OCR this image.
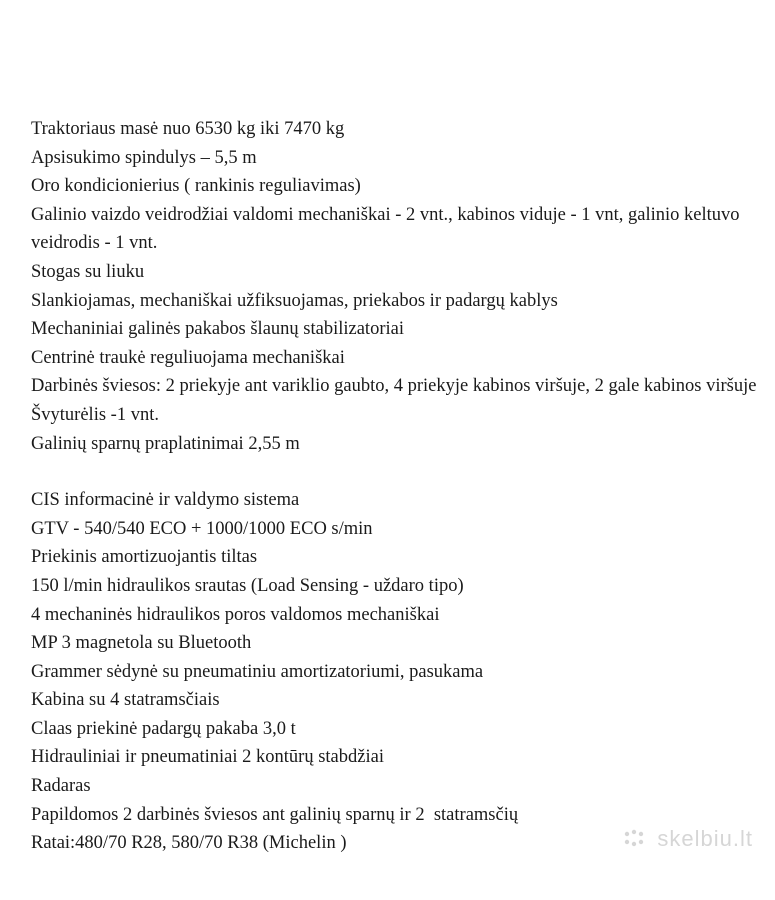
Traktoriaus masė nuo 6530 kg iki 7470 kg

Apsisukimo spindulys – 5,5 m

Oro kondicionierius ( rankinis reguliavimas)

Galinio vaizdo veidrodžiai valdomi mechaniškai - 2 vnt., kabinos viduje - 1 vnt, galinio keltuvo veidrodis - 1 vnt.

Stogas su liuku

Slankiojamas, mechaniškai užfiksuojamas, priekabos ir padargų kablys

Mechaniniai galinės pakabos šlaunų stabilizatoriai

Centrinė traukė reguliuojama mechaniškai

Darbinės šviesos: 2 priekyje ant variklio gaubto, 4 priekyje kabinos viršuje, 2 gale kabinos viršuje

Švyturėlis -1 vnt.

Galinių sparnų praplatinimai 2,55 m

CIS informacinė ir valdymo sistema

GTV - 540/540 ECO + 1000/1000 ECO s/min

Priekinis amortizuojantis tiltas

150 l/min hidraulikos srautas (Load Sensing - uždaro tipo)

4 mechaninės hidraulikos poros valdomos mechaniškai

MP 3 magnetola su Bluetooth

Grammer sėdynė su pneumatiniu amortizatoriumi, pasukama

Kabina su 4 statramsčiais

Claas priekinė padargų pakaba 3,0 t

Hidrauliniai ir pneumatiniai 2 kontūrų stabdžiai

Radaras

Papildomos 2 darbinės šviesos ant galinių sparnų ir 2  statramsčių

Ratai:480/70 R28, 580/70 R38 (Michelin )	skelbiu.lt
